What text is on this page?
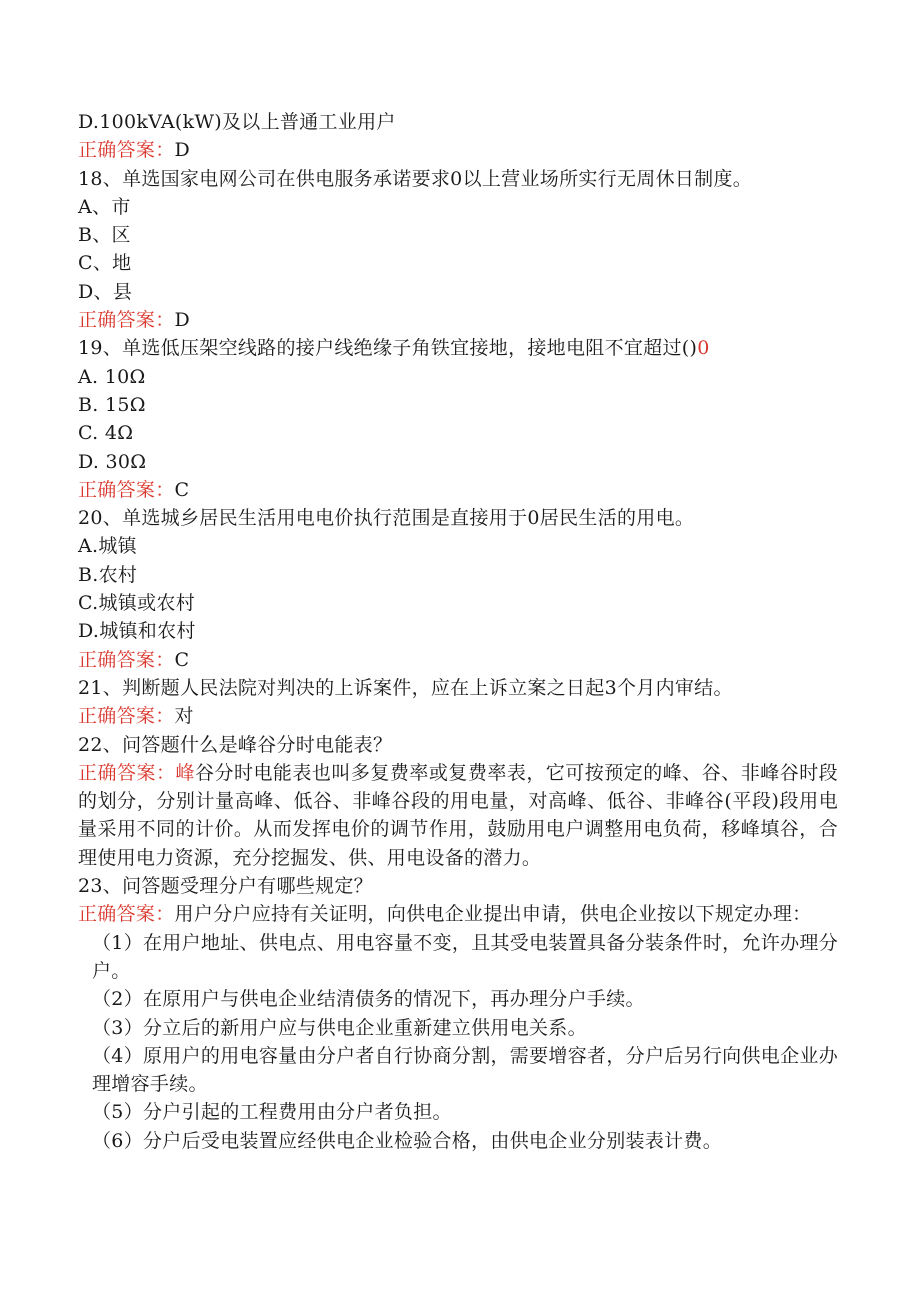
D.100kVA(kW)及以上普通工业用户
正确答案：D
18、单选国家电网公司在供电服务承诺要求0以上营业场所实行无周休日制度。
A、市
B、区
C、地
D、县
正确答案：D
19、单选低压架空线路的接户线绝缘子角铁宜接地，接地电阻不宜超过()0
A. 10Ω
B. 15Ω
C. 4Ω
D. 30Ω
正确答案：C
20、单选城乡居民生活用电电价执行范围是直接用于0居民生活的用电。
A.城镇
B.农村
C.城镇或农村
D.城镇和农村
正确答案：C
21、判断题人民法院对判决的上诉案件，应在上诉立案之日起3个月内审结。
正确答案：对
22、问答题什么是峰谷分时电能表？
正确答案：峰谷分时电能表也叫多复费率或复费率表，它可按预定的峰、谷、非峰谷时段的划分，分别计量高峰、低谷、非峰谷段的用电量，对高峰、低谷、非峰谷(平段)段用电量采用不同的计价。从而发挥电价的调节作用，鼓励用电户调整用电负荷，移峰填谷，合理使用电力资源，充分挖掘发、供、用电设备的潜力。
23、问答题受理分户有哪些规定？
正确答案：用户分户应持有关证明，向供电企业提出申请，供电企业按以下规定办理：
（1）在用户地址、供电点、用电容量不变，且其受电装置具备分装条件时，允许办理分户。
（2）在原用户与供电企业结清债务的情况下，再办理分户手续。
（3）分立后的新用户应与供电企业重新建立供用电关系。
（4）原用户的用电容量由分户者自行协商分割，需要增容者，分户后另行向供电企业办理增容手续。
（5）分户引起的工程费用由分户者负担。
（6）分户后受电装置应经供电企业检验合格，由供电企业分别装表计费。
